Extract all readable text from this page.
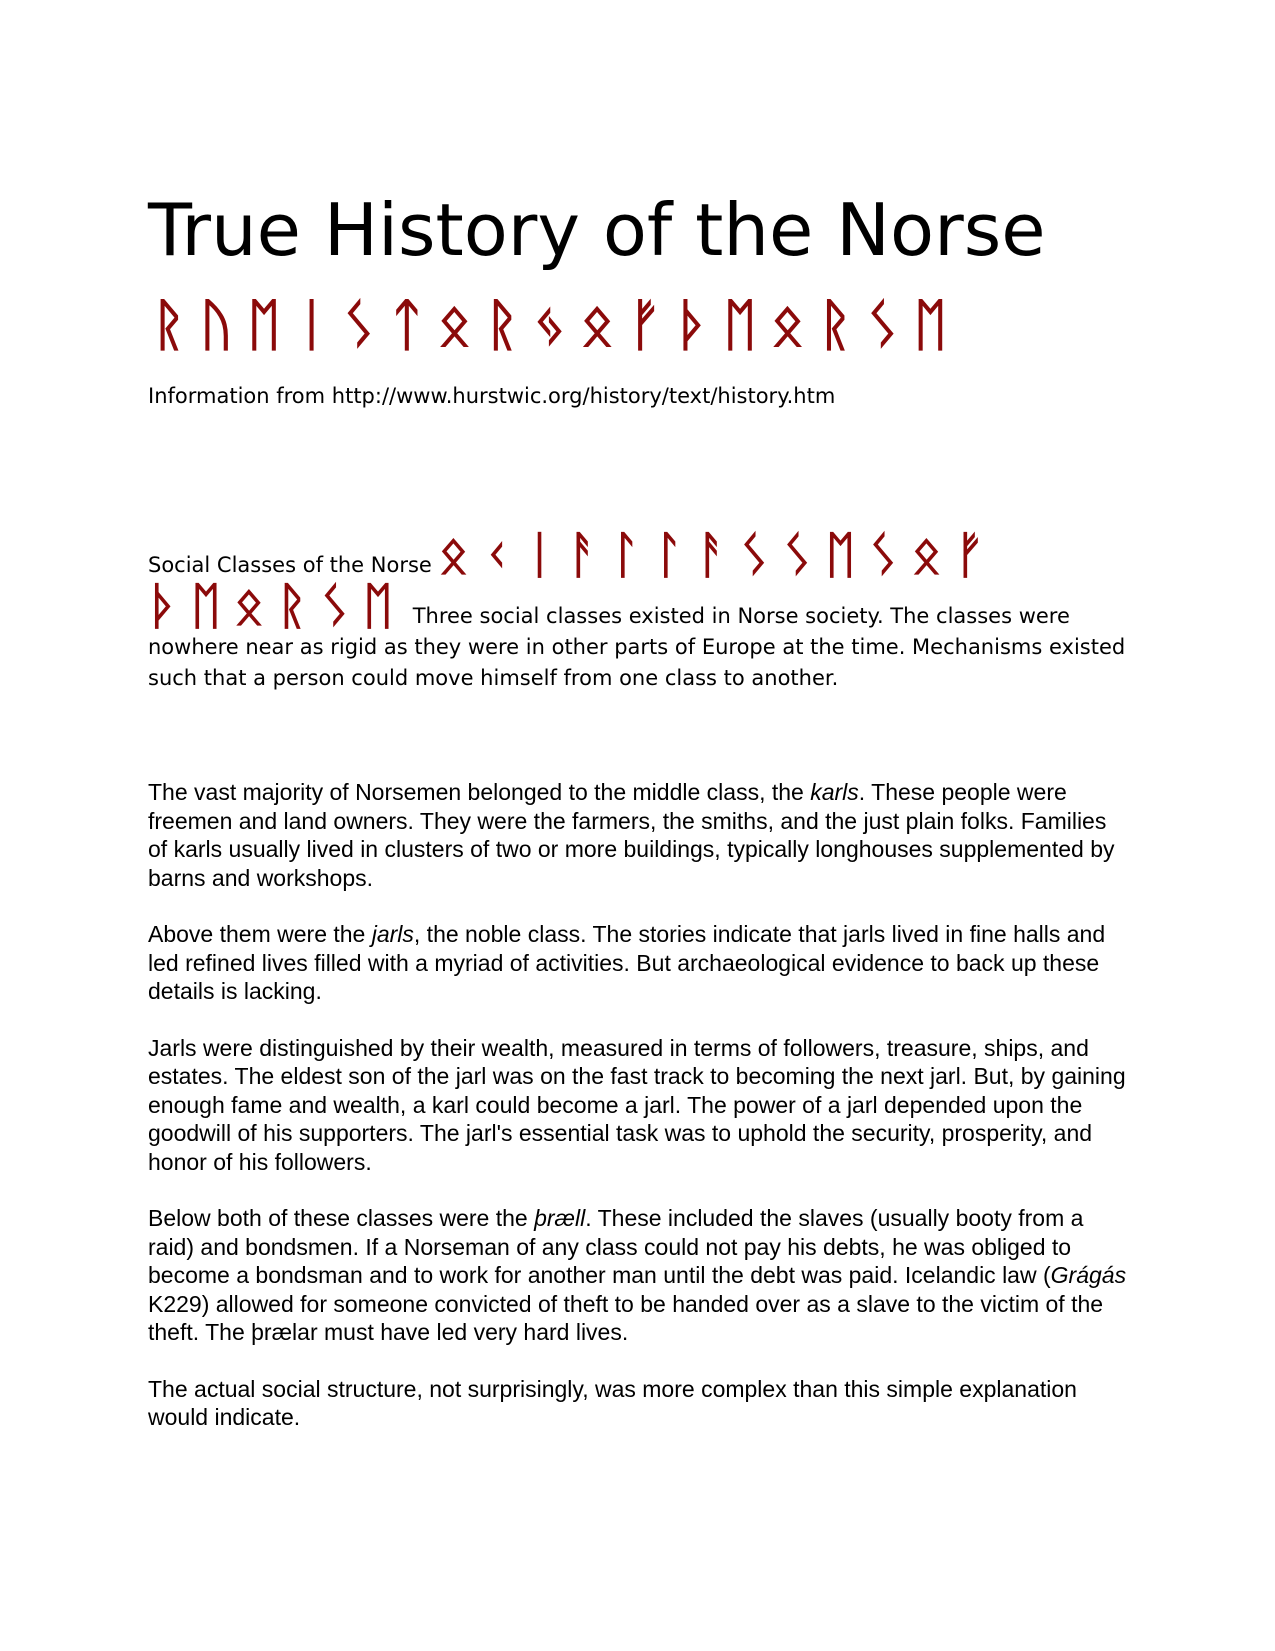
True History of the Norse
ᚱᚢᛖᛁᛊᛏᛟᚱᛃᛟᚠᚦᛖᛟᚱᛊᛖ
Information from http://www.hurstwic.org/history/text/history.htm
Social Classes of the Norse ᛟᚲᛁᚨᛚᛚᚨᛊᛊᛖᛊᛟᚠ ᚦᛖᛟᚱᛊᛖ Three social classes existed in Norse society. The classes were nowhere near as rigid as they were in other parts of Europe at the time. Mechanisms existed such that a person could move himself from one class to another.

The vast majority of Norsemen belonged to the middle class, the karls. These people were freemen and land owners. They were the farmers, the smiths, and the just plain folks. Families of karls usually lived in clusters of two or more buildings, typically longhouses supplemented by barns and workshops.

Above them were the jarls, the noble class. The stories indicate that jarls lived in fine halls and led refined lives filled with a myriad of activities. But archaeological evidence to back up these details is lacking.

Jarls were distinguished by their wealth, measured in terms of followers, treasure, ships, and estates. The eldest son of the jarl was on the fast track to becoming the next jarl. But, by gaining enough fame and wealth, a karl could become a jarl. The power of a jarl depended upon the goodwill of his supporters. The jarl's essential task was to uphold the security, prosperity, and honor of his followers.

Below both of these classes were the þræll. These included the slaves (usually booty from a raid) and bondsmen. If a Norseman of any class could not pay his debts, he was obliged to become a bondsman and to work for another man until the debt was paid. Icelandic law (Grágás K229) allowed for someone convicted of theft to be handed over as a slave to the victim of the theft. The þrælar must have led very hard lives.

The actual social structure, not surprisingly, was more complex than this simple explanation would indicate.
